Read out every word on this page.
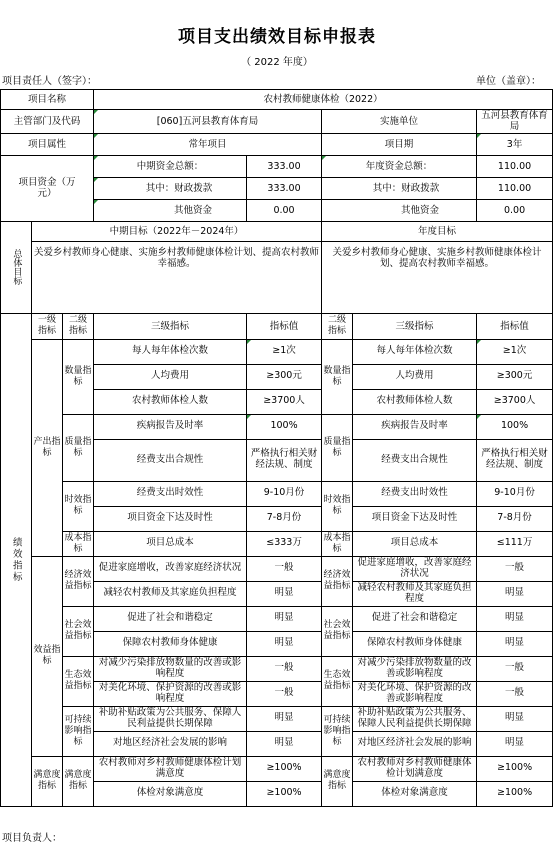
项目支出绩效目标申报表
（ 2022 年度）
项目责任人（签字）：	单位（盖章）：
项目名称			农村教师健康体检（2022）				
主管部门及代码			[060]五河县教育体育局		实施单位		五河县教育体育局
项目属性			常年项目		项目期		3年

项目资金（万元）			中期资金总额：	333.00	年度资金总额：		110.00
			其中：财政拨款	333.00	其中：财政拨款		110.00
			其他资金	0.00	其他资金		0.00
总体目标	中期目标（2022年－2024年）				年度目标		
	关爱乡村教师身心健康、实施乡村教师健康体检计划、提高农村教师幸福感。				关爱乡村教师身心健康、实施乡村教师健康体检计划、提高农村教师幸福感。		
绩效指标	一级指标	二级指标	三级指标	指标值	二级指标	三级指标	指标值
	产出指标	数量指标	每人每年体检次数	≥1次	数量指标	每人每年体检次数	≥1次
			人均费用	≥300元		人均费用	≥300元
			农村教师体检人数	≥3700人		农村教师体检人数	≥3700人
		质量指标	疾病报告及时率	100%	质量指标	疾病报告及时率	100%
			经费支出合规性	严格执行相关财经法规、制度		经费支出合规性	严格执行相关财经法规、制度
		时效指标	经费支出时效性	9-10月份	时效指标	经费支出时效性	9-10月份
			项目资金下达及时性	7-8月份		项目资金下达及时性	7-8月份
		成本指标	项目总成本	≤333万	成本指标	项目总成本	≤111万
	效益指标	经济效益指标	促进家庭增收，改善家庭经济状况	一般	经济效益指标	促进家庭增收，改善家庭经济状况	一般
			减轻农村教师及其家庭负担程度	明显		减轻农村教师及其家庭负担程度	明显
		社会效益指标	促进了社会和谐稳定	明显	社会效益指标	促进了社会和谐稳定	明显
			保障农村教师身体健康	明显		保障农村教师身体健康	明显
		生态效益指标	对减少污染排放物数量的改善或影响程度	一般	生态效益指标	对减少污染排放物数量的改善或影响程度	一般
			对美化环境、保护资源的改善或影响程度	一般		对美化环境、保护资源的改善或影响程度	一般
		可持续影响指标	补助补贴政策为公共服务、保障人民利益提供长期保障	明显	可持续影响指标	补助补贴政策为公共服务、保障人民利益提供长期保障	明显
			对地区经济社会发展的影响	明显		对地区经济社会发展的影响	明显
	满意度指标	满意度指标	农村教师对乡村教师健康体检计划满意度	≥100%	满意度指标	农村教师对乡村教师健康体检计划满意度	≥100%
			体检对象满意度	≥100%		体检对象满意度	≥100%
项目负责人：
